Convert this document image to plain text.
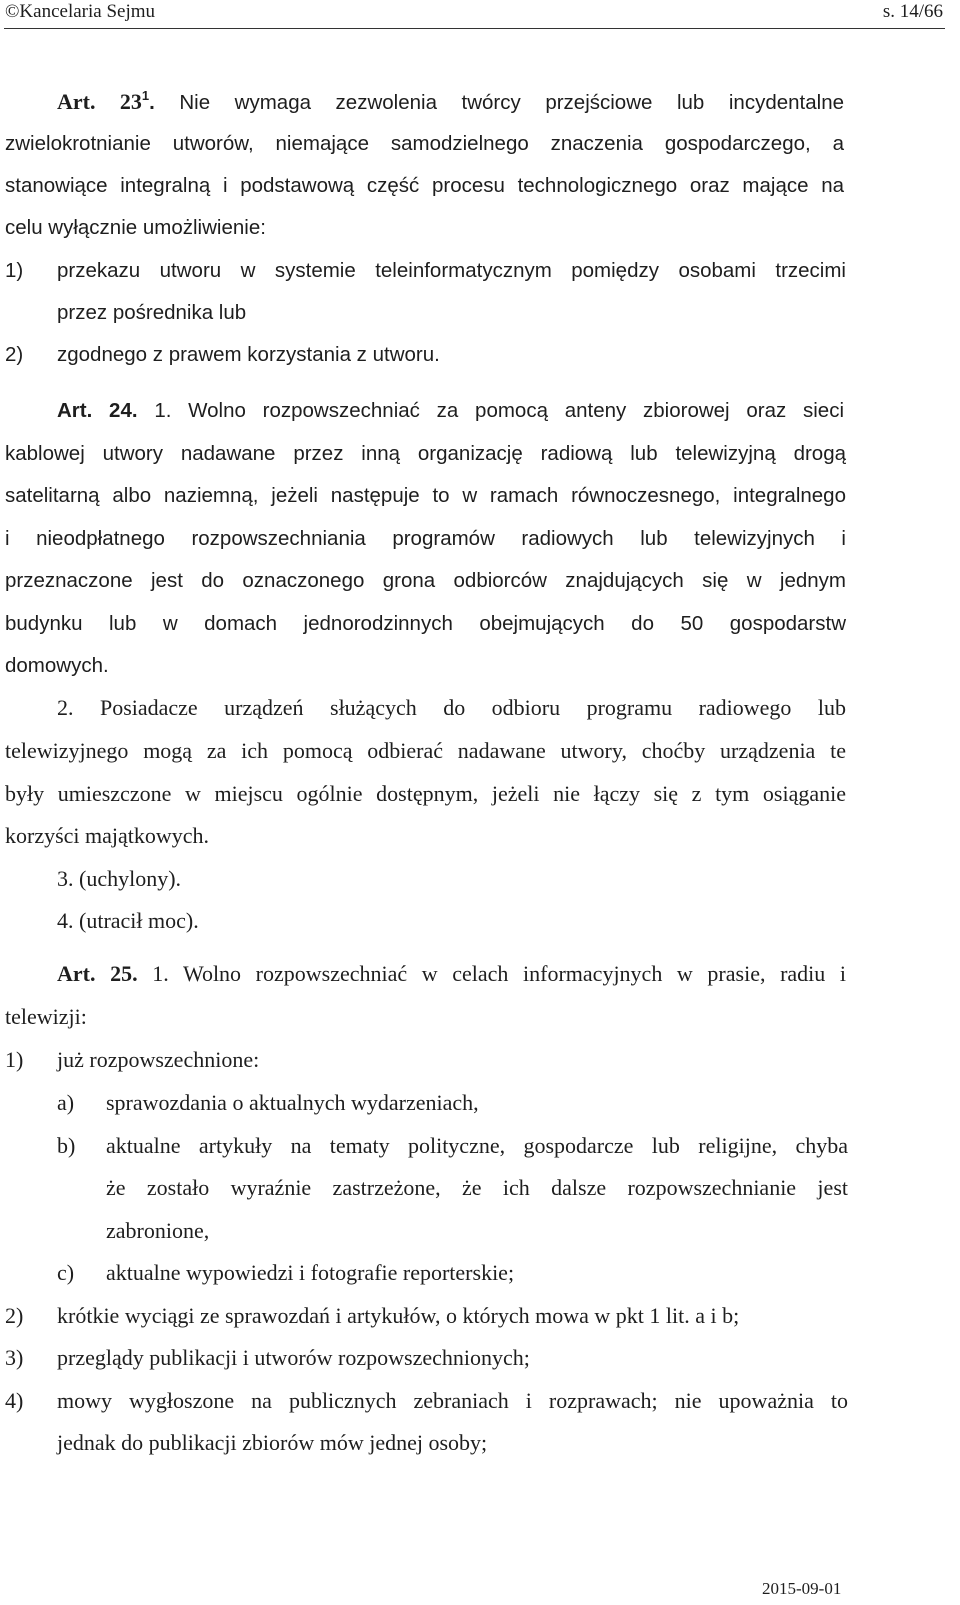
©Kancelaria Sejmu	s. 14/66
Art. $23^1$. Nie wymaga zezwolenia twórcy przejściowe lub incydentalne
zwielokrotnianie utworów, niemające samodzielnego znaczenia gospodarczego, a
stanowiące integralną i podstawową część procesu technologicznego oraz mające na
celu wyłącznie umożliwienie:
1) przekazu utworu w systemie teleinformatycznym pomiędzy osobami trzecimi
przez pośrednika lub
2) zgodnego z prawem korzystania z utworu.
Art. 24. 1. Wolno rozpowszechniać za pomocą anteny zbiorowej oraz sieci
kablowej utwory nadawane przez inną organizację radiową lub telewizyjną drogą
satelitarną albo naziemną, jeżeli następuje to w ramach równoczesnego, integralnego
i nieodpłatnego rozpowszechniania programów radiowych lub telewizyjnych i
przeznaczone jest do oznaczonego grona odbiorców znajdujących się w jednym
budynku lub w domach jednorodzinnych obejmujących do 50 gospodarstw
domowych.
2. Posiadacze urządzeń służących do odbioru programu radiowego lub
telewizyjnego mogą za ich pomocą odbierać nadawane utwory, choćby urządzenia te
były umieszczone w miejscu ogólnie dostępnym, jeżeli nie łączy się z tym osiąganie
korzyści majątkowych.
3. (uchylony).
4. (utracił moc).
Art. 25. 1. Wolno rozpowszechniać w celach informacyjnych w prasie, radiu i
telewizji:
1) już rozpowszechnione:
a) sprawozdania o aktualnych wydarzeniach,
b) aktualne artykuły na tematy polityczne, gospodarcze lub religijne, chyba
że zostało wyraźnie zastrzeżone, że ich dalsze rozpowszechnianie jest
zabronione,
c) aktualne wypowiedzi i fotografie reporterskie;
2) krótkie wyciągi ze sprawozdań i artykułów, o których mowa w pkt 1 lit. a i b;
3) przeglądy publikacji i utworów rozpowszechnionych;
4) mowy wygłoszone na publicznych zebraniach i rozprawach; nie upoważnia to
jednak do publikacji zbiorów mów jednej osoby;
2015-09-01
